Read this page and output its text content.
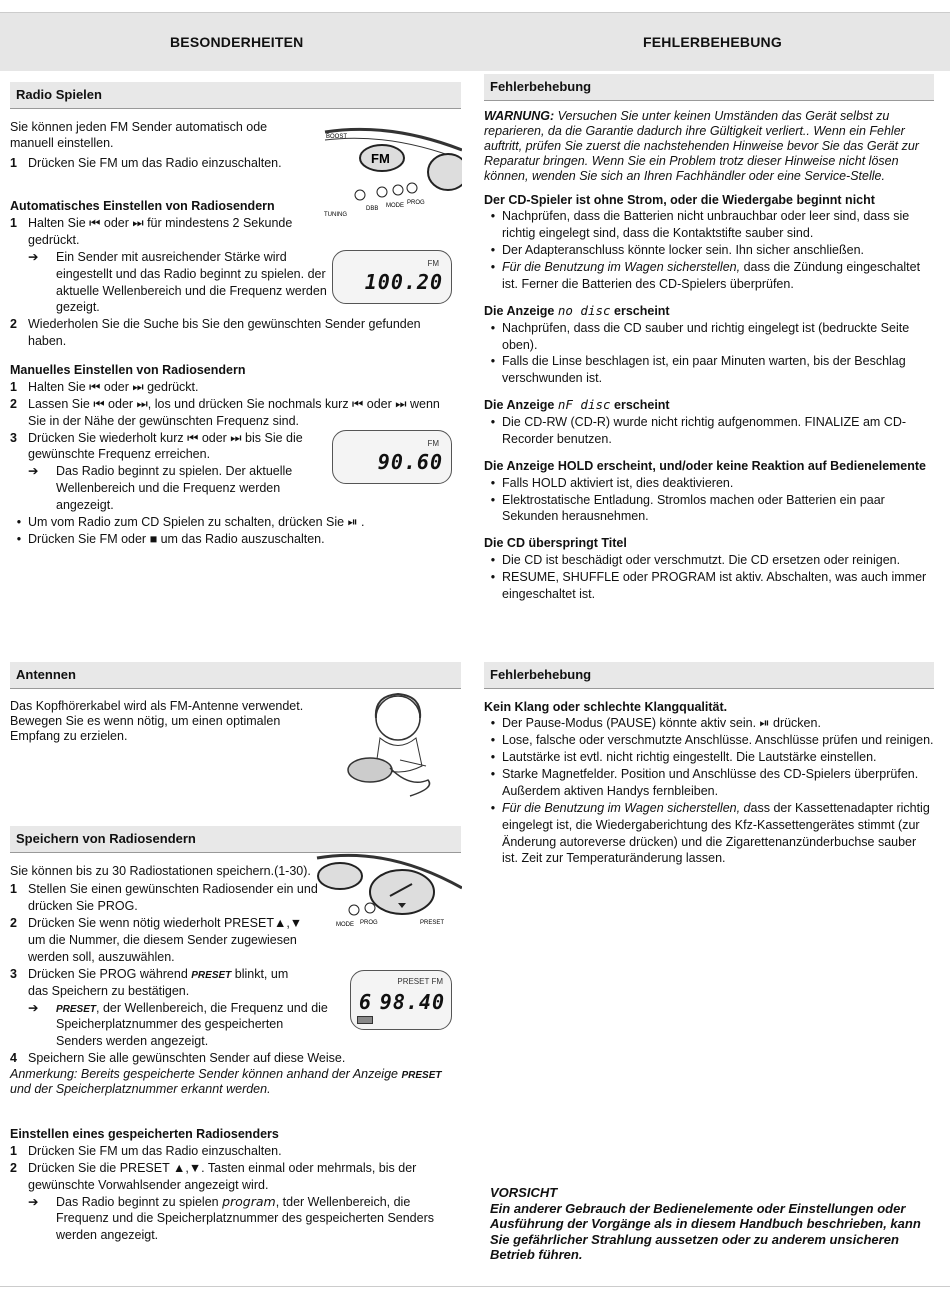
BESONDERHEITEN	FEHLERBEHEBUNG
Radio Spielen

Sie können jeden FM Sender automatisch ode manuell einstellen.

1 Drücken Sie FM um das Radio einzuschalten.

Automatisches Einstellen von Radiosendern

1 Halten Sie ⏮ oder ⏭ für mindestens 2 Sekunde gedrückt.
➔	Ein Sender mit ausreichender Stärke wird eingestellt und das Radio beginnt zu spielen. der aktuelle Wellenbereich und die Frequenz werden gezeigt.
2 Wiederholen Sie die Suche bis Sie den gewünschten Sender gefunden haben.

Manuelles Einstellen von Radiosendern

1 Halten Sie ⏮ oder ⏭ gedrückt.
2 Lassen Sie ⏮ oder ⏭, los und drücken Sie nochmals kurz ⏮ oder ⏭ wenn Sie in der Nähe der gewünschten Frequenz sind.
3 Drücken Sie wiederholt kurz ⏮ oder ⏭ bis Sie die gewünschte Frequenz erreichen.
➔	Das Radio beginnt zu spielen. Der aktuelle Wellenbereich und die Frequenz werden angezeigt.
• Um vom Radio zum CD Spielen zu schalten, drücken Sie ⏯ .
• Drücken Sie FM oder ■ um das Radio auszuschalten.
FM
TUNING
DBB MODE PROG
BOOST
FM
100.20
FM
90.60
Fehlerbehebung

WARNUNG: Versuchen Sie unter keinen Umständen das Gerät selbst zu reparieren, da die Garantie dadurch ihre Gültigkeit verliert.. Wenn ein Fehler auftritt, prüfen Sie zuerst die nachstehenden Hinweise bevor Sie das Gerät zur Reparatur bringen. Wenn Sie ein Problem trotz dieser Hinweise nicht lösen können, wenden Sie sich an Ihren Fachhändler oder eine Service-Stelle.

Der CD-Spieler ist ohne Strom, oder die Wiedergabe beginnt nicht

• Nachprüfen, dass die Batterien nicht unbrauchbar oder leer sind, dass sie richtig eingelegt sind, dass die Kontaktstifte sauber sind.
• Der Adapteranschluss könnte locker sein. Ihn sicher anschließen.
• Für die Benutzung im Wagen sicherstellen, dass die Zündung eingeschaltet ist. Ferner die Batterien des CD-Spielers überprüfen.

Die Anzeige no disc erscheint

• Nachprüfen, dass die CD sauber und richtig eingelegt ist (bedruckte Seite oben).
• Falls die Linse beschlagen ist, ein paar Minuten warten, bis der Beschlag verschwunden ist.

Die Anzeige nF disc erscheint

• Die CD-RW (CD-R) wurde nicht richtig aufgenommen. FINALIZE am CD-Recorder benutzen.

Die Anzeige HOLD erscheint, und/oder keine Reaktion auf Bedienelemente

• Falls HOLD aktiviert ist, dies deaktivieren.
• Elektrostatische Entladung. Stromlos machen oder Batterien ein paar Sekunden herausnehmen.

Die CD überspringt Titel

• Die CD ist beschädigt oder verschmutzt. Die CD ersetzen oder reinigen.
• RESUME, SHUFFLE oder PROGRAM ist aktiv. Abschalten, was auch immer eingeschaltet ist.
Antennen

Das Kopfhörerkabel wird als FM-Antenne verwendet. Bewegen Sie es wenn nötig, um einen optimalen Empfang zu erzielen.

Speichern von Radiosendern

Sie können bis zu 30 Radiostationen speichern.(1-30).

1 Stellen Sie einen gewünschten Radiosender ein und drücken Sie PROG.
2 Drücken Sie wenn nötig wiederholt PRESET▲,▼ um die Nummer, die diesem Sender zugewiesen werden soll, auszuwählen.
3 Drücken Sie PROG während PRESET blinkt, um das Speichern zu bestätigen.
➔	PRESET, der Wellenbereich, die Frequenz und die Speicherplatznummer des gespeicherten Senders werden angezeigt.
4 Speichern Sie alle gewünschten Sender auf diese Weise.

Anmerkung: Bereits gespeicherte Sender können anhand der Anzeige PRESET und der Speicherplatznummer erkannt werden.

MODE PROG	PRESET
PRESET FM
6 98.40

Einstellen eines gespeicherten Radiosenders

1 Drücken Sie FM um das Radio einzuschalten.
2 Drücken Sie die PRESET ▲,▼. Tasten einmal oder mehrmals, bis der gewünschte Vorwahlsender angezeigt wird.
➔	Das Radio beginnt zu spielen program, tder Wellenbereich, die Frequenz und die Speicherplatznummer des gespeicherten Senders werden angezeigt.
Fehlerbehebung

Kein Klang oder schlechte Klangqualität.

• Der Pause-Modus (PAUSE) könnte aktiv sein. ⏯ drücken.
• Lose, falsche oder verschmutzte Anschlüsse. Anschlüsse prüfen und reinigen.
• Lautstärke ist evtl. nicht richtig eingestellt. Die Lautstärke einstellen.
• Starke Magnetfelder. Position und Anschlüsse des CD-Spielers überprüfen. Außerdem aktiven Handys fernbleiben.
• Für die Benutzung im Wagen sicherstellen, dass der Kassettenadapter richtig eingelegt ist, die Wiedergaberichtung des Kfz-Kassettengerätes stimmt (zur Änderung autoreverse drücken) und die Zigarettenanzünderbuchse sauber ist. Zeit zur Temperaturänderung lassen.
VORSICHT
Ein anderer Gebrauch der Bedienelemente oder Einstellungen oder Ausführung der Vorgänge als in diesem Handbuch beschrieben, kann Sie gefährlicher Strahlung aussetzen oder zu anderem unsicheren Betrieb führen.
